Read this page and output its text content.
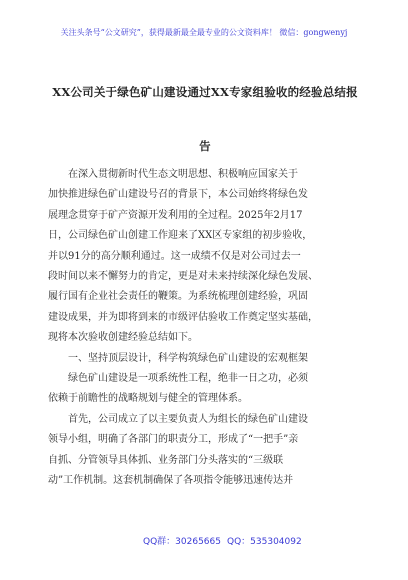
关注头条号“公文研究”，获得最新最全最专业的公文资料库！ 微信：gongwenyj
XX公司关于绿色矿山建设通过XX专家组验收的经验总结报
告
在深入贯彻新时代生态文明思想、积极响应国家关于
加快推进绿色矿山建设号召的背景下，本公司始终将绿色发
展理念贯穿于矿产资源开发利用的全过程。2025年2月17
日，公司绿色矿山创建工作迎来了XX区专家组的初步验收，
并以91分的高分顺利通过。这一成绩不仅是对公司过去一
段时间以来不懈努力的肯定，更是对未来持续深化绿色发展、
履行国有企业社会责任的鞭策。为系统梳理创建经验，巩固
建设成果，并为即将到来的市级评估验收工作奠定坚实基础，
现将本次验收创建经验总结如下。
一、坚持顶层设计，科学构筑绿色矿山建设的宏观框架
绿色矿山建设是一项系统性工程，绝非一日之功，必须
依赖于前瞻性的战略规划与健全的管理体系。
首先，公司成立了以主要负责人为组长的绿色矿山建设
领导小组，明确了各部门的职责分工，形成了“一把手”亲
自抓、分管领导具体抓、业务部门分头落实的“三级联
动”工作机制。这套机制确保了各项指令能够迅速传达并
QQ群：30265665 QQ：535304092
